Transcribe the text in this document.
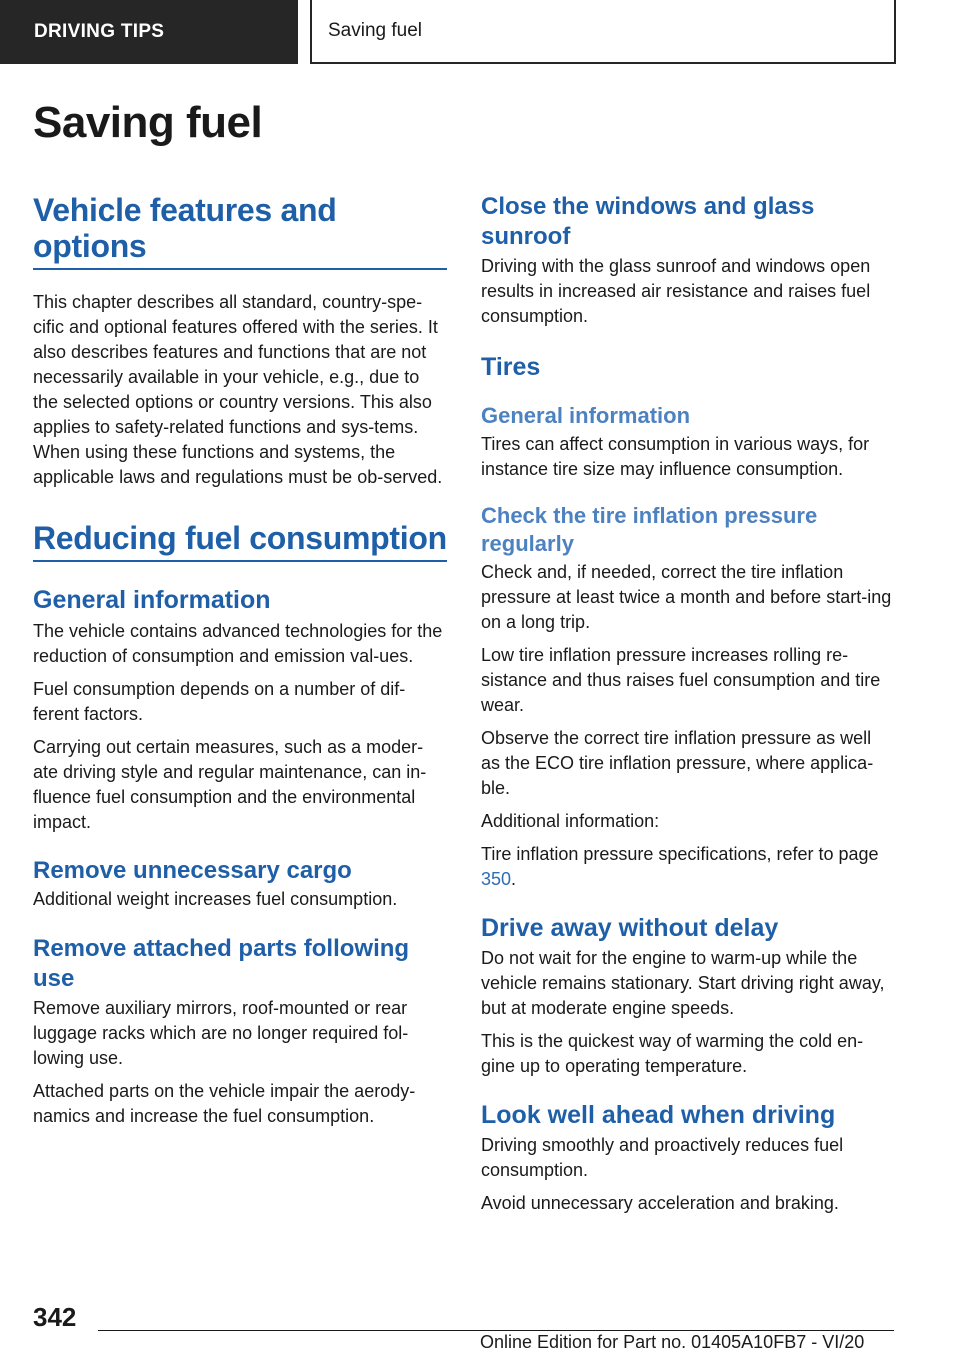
DRIVING TIPS	Saving fuel
Saving fuel
Vehicle features and options

This chapter describes all standard, country-spe-cific and optional features offered with the series. It also describes features and functions that are not necessarily available in your vehicle, e.g., due to the selected options or country versions. This also applies to safety-related functions and sys-tems. When using these functions and systems, the applicable laws and regulations must be ob-served.

Reducing fuel consumption
General information

The vehicle contains advanced technologies for the reduction of consumption and emission val-ues.

Fuel consumption depends on a number of dif-ferent factors.

Carrying out certain measures, such as a moder-ate driving style and regular maintenance, can in-fluence fuel consumption and the environmental impact.

Remove unnecessary cargo

Additional weight increases fuel consumption.

Remove attached parts following use

Remove auxiliary mirrors, roof-mounted or rear luggage racks which are no longer required fol-lowing use.

Attached parts on the vehicle impair the aerody-namics and increase the fuel consumption.

Close the windows and glass sunroof

Driving with the glass sunroof and windows open results in increased air resistance and raises fuel consumption.

Tires
General information

Tires can affect consumption in various ways, for instance tire size may influence consumption.

Check the tire inflation pressure regularly

Check and, if needed, correct the tire inflation pressure at least twice a month and before start-ing on a long trip.

Low tire inflation pressure increases rolling re-sistance and thus raises fuel consumption and tire wear.

Observe the correct tire inflation pressure as well as the ECO tire inflation pressure, where applica-ble.

Additional information:

Tire inflation pressure specifications, refer to page 350.

Drive away without delay

Do not wait for the engine to warm-up while the vehicle remains stationary. Start driving right away, but at moderate engine speeds.

This is the quickest way of warming the cold en-gine up to operating temperature.

Look well ahead when driving

Driving smoothly and proactively reduces fuel consumption.

Avoid unnecessary acceleration and braking.

342
Online Edition for Part no. 01405A10FB7 - VI/20
